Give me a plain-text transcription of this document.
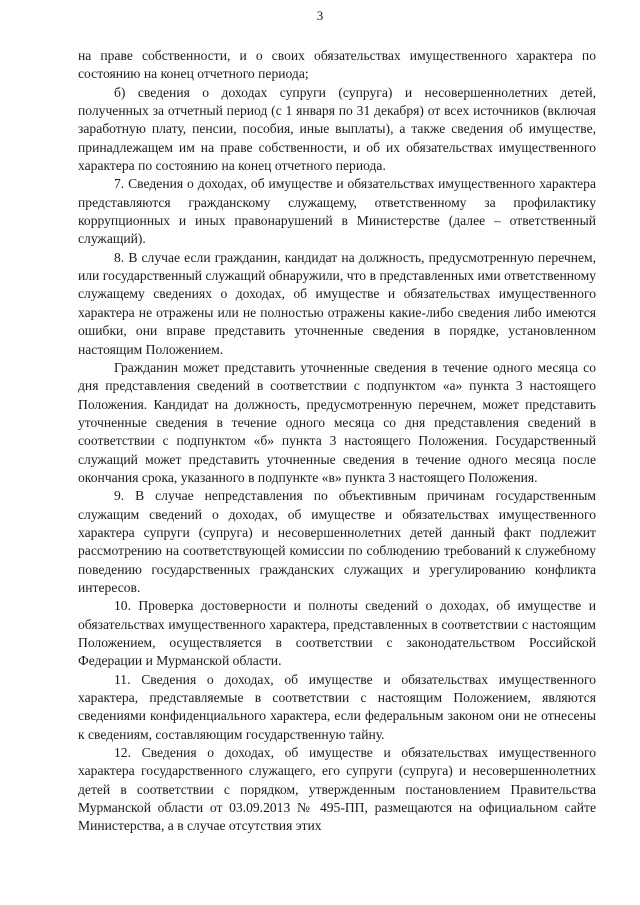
3

на праве собственности, и о своих обязательствах имущественного характера по состоянию на конец отчетного периода;

б) сведения о доходах супруги (супруга) и несовершеннолетних детей, полученных за отчетный период (с 1 января по 31 декабря) от всех источников (включая заработную плату, пенсии, пособия, иные выплаты), а также сведения об имуществе, принадлежащем им на праве собственности, и об их обязательствах имущественного характера по состоянию на конец отчетного периода.

7. Сведения о доходах, об имуществе и обязательствах имущественного характера представляются гражданскому служащему, ответственному за профилактику коррупционных и иных правонарушений в Министерстве (далее – ответственный служащий).

8. В случае если гражданин, кандидат на должность, предусмотренную перечнем, или государственный служащий обнаружили, что в представленных ими ответственному служащему сведениях о доходах, об имуществе и обязательствах имущественного характера не отражены или не полностью отражены какие-либо сведения либо имеются ошибки, они вправе представить уточненные сведения в порядке, установленном настоящим Положением.

Гражданин может представить уточненные сведения в течение одного месяца со дня представления сведений в соответствии с подпунктом «а» пункта 3 настоящего Положения. Кандидат на должность, предусмотренную перечнем, может представить уточненные сведения в течение одного месяца со дня представления сведений в соответствии с подпунктом «б» пункта 3 настоящего Положения. Государственный служащий может представить уточненные сведения в течение одного месяца после окончания срока, указанного в подпункте «в» пункта 3 настоящего Положения.

9. В случае непредставления по объективным причинам государственным служащим сведений о доходах, об имуществе и обязательствах имущественного характера супруги (супруга) и несовершеннолетних детей данный факт подлежит рассмотрению на соответствующей комиссии по соблюдению требований к служебному поведению государственных гражданских служащих и урегулированию конфликта интересов.

10. Проверка достоверности и полноты сведений о доходах, об имуществе и обязательствах имущественного характера, представленных в соответствии с настоящим Положением, осуществляется в соответствии с законодательством Российской Федерации и Мурманской области.

11. Сведения о доходах, об имуществе и обязательствах имущественного характера, представляемые в соответствии с настоящим Положением, являются сведениями конфиденциального характера, если федеральным законом они не отнесены к сведениям, составляющим государственную тайну.

12. Сведения о доходах, об имуществе и обязательствах имущественного характера государственного служащего, его супруги (супруга) и несовершеннолетних детей в соответствии с порядком, утвержденным постановлением Правительства Мурманской области от 03.09.2013 № 495-ПП, размещаются на официальном сайте Министерства, а в случае отсутствия этих
